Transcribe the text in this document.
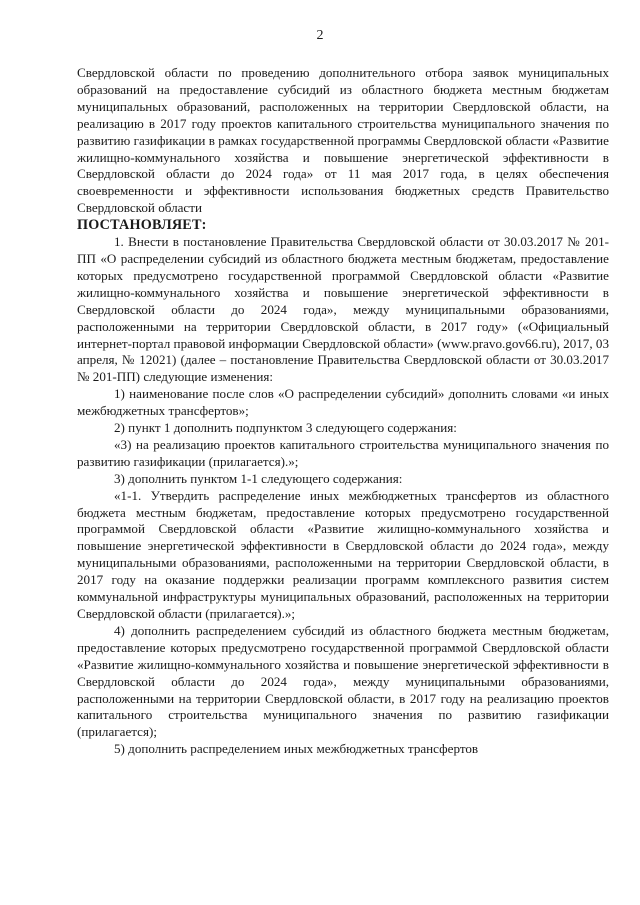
2

Свердловской области по проведению дополнительного отбора заявок муниципальных образований на предоставление субсидий из областного бюджета местным бюджетам муниципальных образований, расположенных на территории Свердловской области, на реализацию в 2017 году проектов капитального строительства муниципального значения по развитию газификации в рамках государственной программы Свердловской области «Развитие жилищно-коммунального хозяйства и повышение энергетической эффективности в Свердловской области до 2024 года» от 11 мая 2017 года, в целях обеспечения своевременности и эффективности использования бюджетных средств Правительство Свердловской области

ПОСТАНОВЛЯЕТ:

1. Внести в постановление Правительства Свердловской области от 30.03.2017 № 201-ПП «О распределении субсидий из областного бюджета местным бюджетам, предоставление которых предусмотрено государственной программой Свердловской области «Развитие жилищно-коммунального хозяйства и повышение энергетической эффективности в Свердловской области до 2024 года», между муниципальными образованиями, расположенными на территории Свердловской области, в 2017 году» («Официальный интернет-портал правовой информации Свердловской области» (www.pravo.gov66.ru), 2017, 03 апреля, № 12021) (далее – постановление Правительства Свердловской области от 30.03.2017 № 201-ПП) следующие изменения:

1) наименование после слов «О распределении субсидий» дополнить словами «и иных межбюджетных трансфертов»;

2) пункт 1 дополнить подпунктом 3 следующего содержания:

«3) на реализацию проектов капитального строительства муниципального значения по развитию газификации (прилагается).»;

3) дополнить пунктом 1-1 следующего содержания:

«1-1. Утвердить распределение иных межбюджетных трансфертов из областного бюджета местным бюджетам, предоставление которых предусмотрено государственной программой Свердловской области «Развитие жилищно-коммунального хозяйства и повышение энергетической эффективности в Свердловской области до 2024 года», между муниципальными образованиями, расположенными на территории Свердловской области, в 2017 году на оказание поддержки реализации программ комплексного развития систем коммунальной инфраструктуры муниципальных образований, расположенных на территории Свердловской области (прилагается).»;

4) дополнить распределением субсидий из областного бюджета местным бюджетам, предоставление которых предусмотрено государственной программой Свердловской области «Развитие жилищно-коммунального хозяйства и повышение энергетической эффективности в Свердловской области до 2024 года», между муниципальными образованиями, расположенными на территории Свердловской области, в 2017 году на реализацию проектов капитального строительства муниципального значения по развитию газификации (прилагается);

5) дополнить распределением иных межбюджетных трансфертов
